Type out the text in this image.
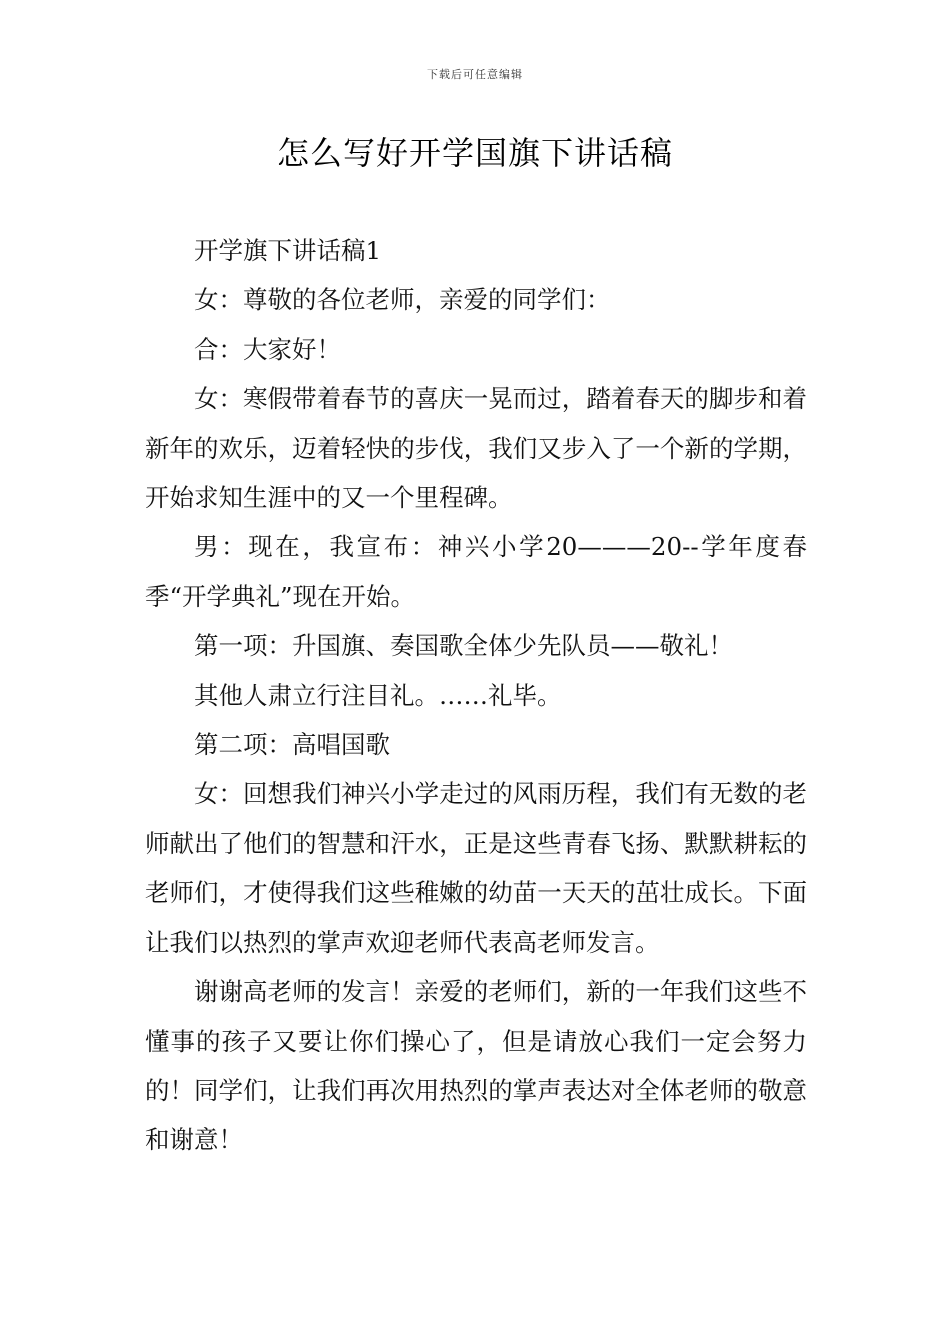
下载后可任意编辑
怎么写好开学国旗下讲话稿

开学旗下讲话稿1

女：尊敬的各位老师，亲爱的同学们：

合：大家好！

女：寒假带着春节的喜庆一晃而过，踏着春天的脚步和着新年的欢乐，迈着轻快的步伐，我们又步入了一个新的学期，开始求知生涯中的又一个里程碑。

男：现在，我宣布：神兴小学20———20--学年度春季“开学典礼”现在开始。

第一项：升国旗、奏国歌全体少先队员——敬礼！

其他人肃立行注目礼。……礼毕。

第二项：高唱国歌

女：回想我们神兴小学走过的风雨历程，我们有无数的老师献出了他们的智慧和汗水，正是这些青春飞扬、默默耕耘的老师们，才使得我们这些稚嫩的幼苗一天天的茁壮成长。下面让我们以热烈的掌声欢迎老师代表高老师发言。

谢谢高老师的发言！亲爱的老师们，新的一年我们这些不懂事的孩子又要让你们操心了，但是请放心我们一定会努力的！同学们，让我们再次用热烈的掌声表达对全体老师的敬意和谢意！
